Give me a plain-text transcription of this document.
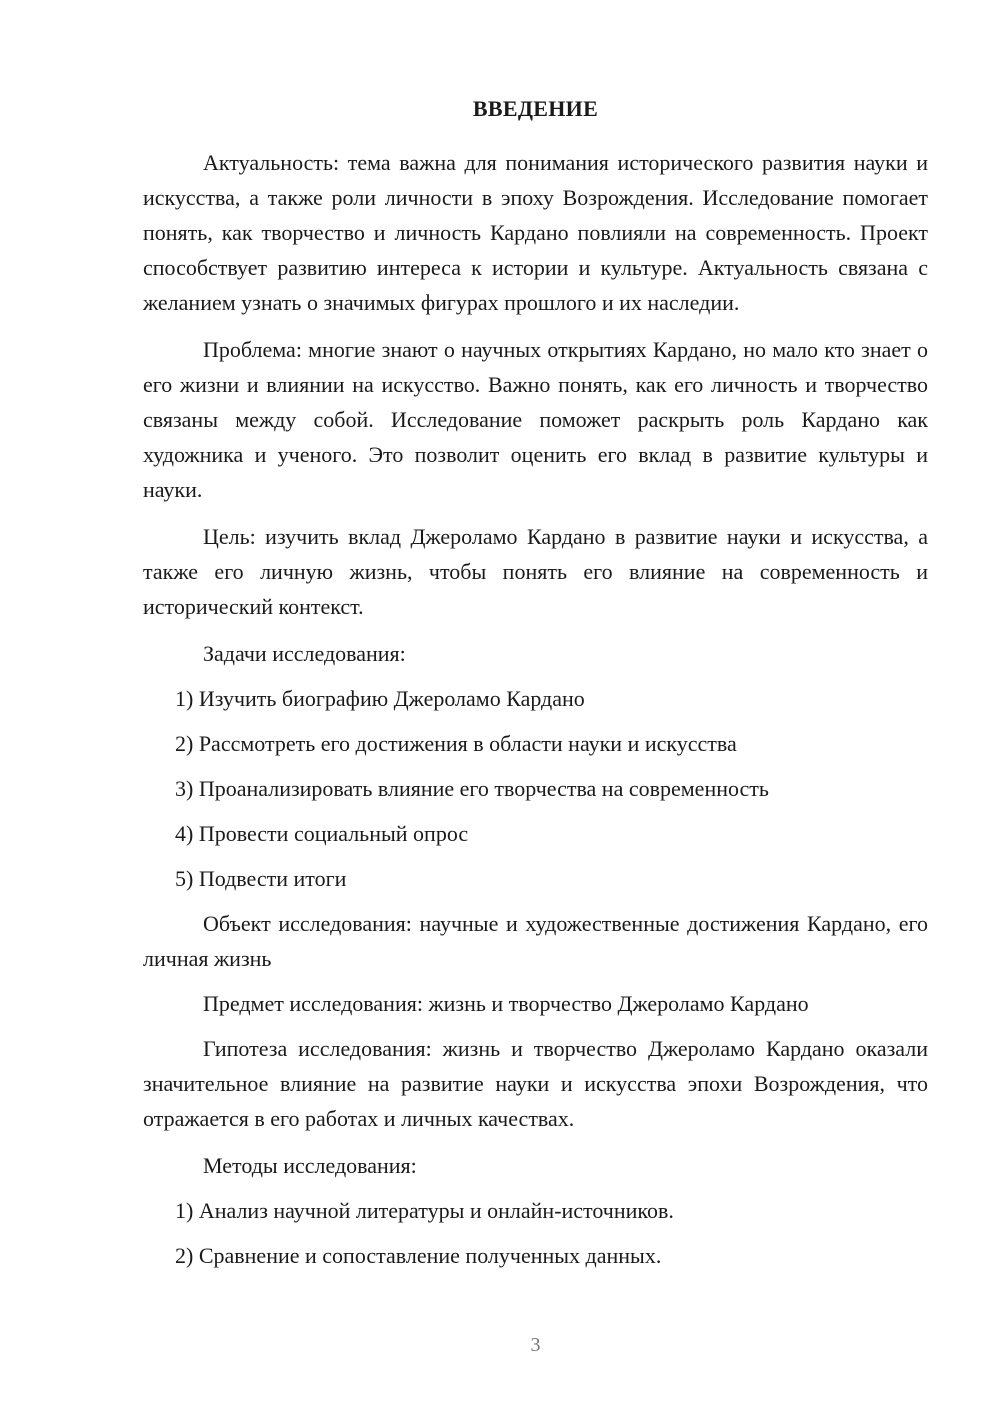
ВВЕДЕНИЕ

Актуальность: тема важна для понимания исторического развития науки и искусства, а также роли личности в эпоху Возрождения. Исследование помогает понять, как творчество и личность Кардано повлияли на современность. Проект способствует развитию интереса к истории и культуре. Актуальность связана с желанием узнать о значимых фигурах прошлого и их наследии.

Проблема: многие знают о научных открытиях Кардано, но мало кто знает о его жизни и влиянии на искусство. Важно понять, как его личность и творчество связаны между собой. Исследование поможет раскрыть роль Кардано как художника и ученого. Это позволит оценить его вклад в развитие культуры и науки.

Цель: изучить вклад Джероламо Кардано в развитие науки и искусства, а также его личную жизнь, чтобы понять его влияние на современность и исторический контекст.

Задачи исследования:

1) Изучить биографию Джероламо Кардано

2) Рассмотреть его достижения в области науки и искусства

3) Проанализировать влияние его творчества на современность

4) Провести социальный опрос

5) Подвести итоги

Объект исследования: научные и художественные достижения Кардано, его личная жизнь

Предмет исследования: жизнь и творчество Джероламо Кардано

Гипотеза исследования: жизнь и творчество Джероламо Кардано оказали значительное влияние на развитие науки и искусства эпохи Возрождения, что отражается в его работах и личных качествах.

Методы исследования:

1) Анализ научной литературы и онлайн-источников.

2) Сравнение и сопоставление полученных данных.

3
